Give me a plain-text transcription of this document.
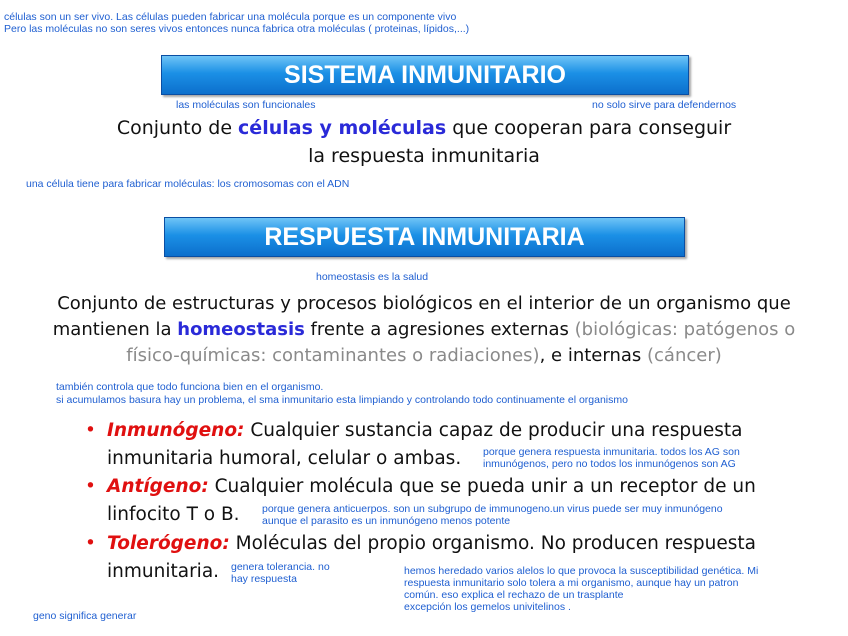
células son un ser vivo. Las células pueden fabricar una molécula porque es un componente vivo
Pero las moléculas no son seres vivos entonces nunca fabrica otra moléculas ( proteinas, lípidos,...)
SISTEMA INMUNITARIO
las moléculas son funcionales	no solo sirve para defendernos
Conjunto de células y moléculas que cooperan para conseguir
la respuesta inmunitaria
una célula tiene para fabricar moléculas: los cromosomas con el ADN
RESPUESTA INMUNITARIA
homeostasis es la salud
Conjunto de estructuras y procesos biológicos en el interior de un organismo que
mantienen la homeostasis frente a agresiones externas (biológicas: patógenos o
físico-químicas: contaminantes o radiaciones), e internas (cáncer)
también controla que todo funciona bien en el organismo.
si acumulamos basura hay un problema, el sma inmunitario esta limpiando y controlando todo continuamente el organismo
• Inmunógeno: Cualquier sustancia capaz de producir una respuesta
inmunitaria humoral, celular o ambas. porque genera respuesta inmunitaria. todos los AG son
inmunógenos, pero no todos los inmunógenos son AG
• Antígeno: Cualquier molécula que se pueda unir a un receptor de un
linfocito T o B. porque genera anticuerpos. son un subgrupo de immunogeno.un virus puede ser muy inmunógeno
aunque el parasito es un inmunógeno menos potente
• Tolerógeno: Moléculas del propio organismo. No producen respuesta
inmunitaria. genera tolerancia. no
hay respuesta
hemos heredado varios alelos lo que provoca la susceptibilidad genética. Mi
respuesta inmunitario solo tolera a mi organismo, aunque hay un patron
común. eso explica el rechazo de un trasplante
excepción los gemelos univitelinos .
geno significa generar
